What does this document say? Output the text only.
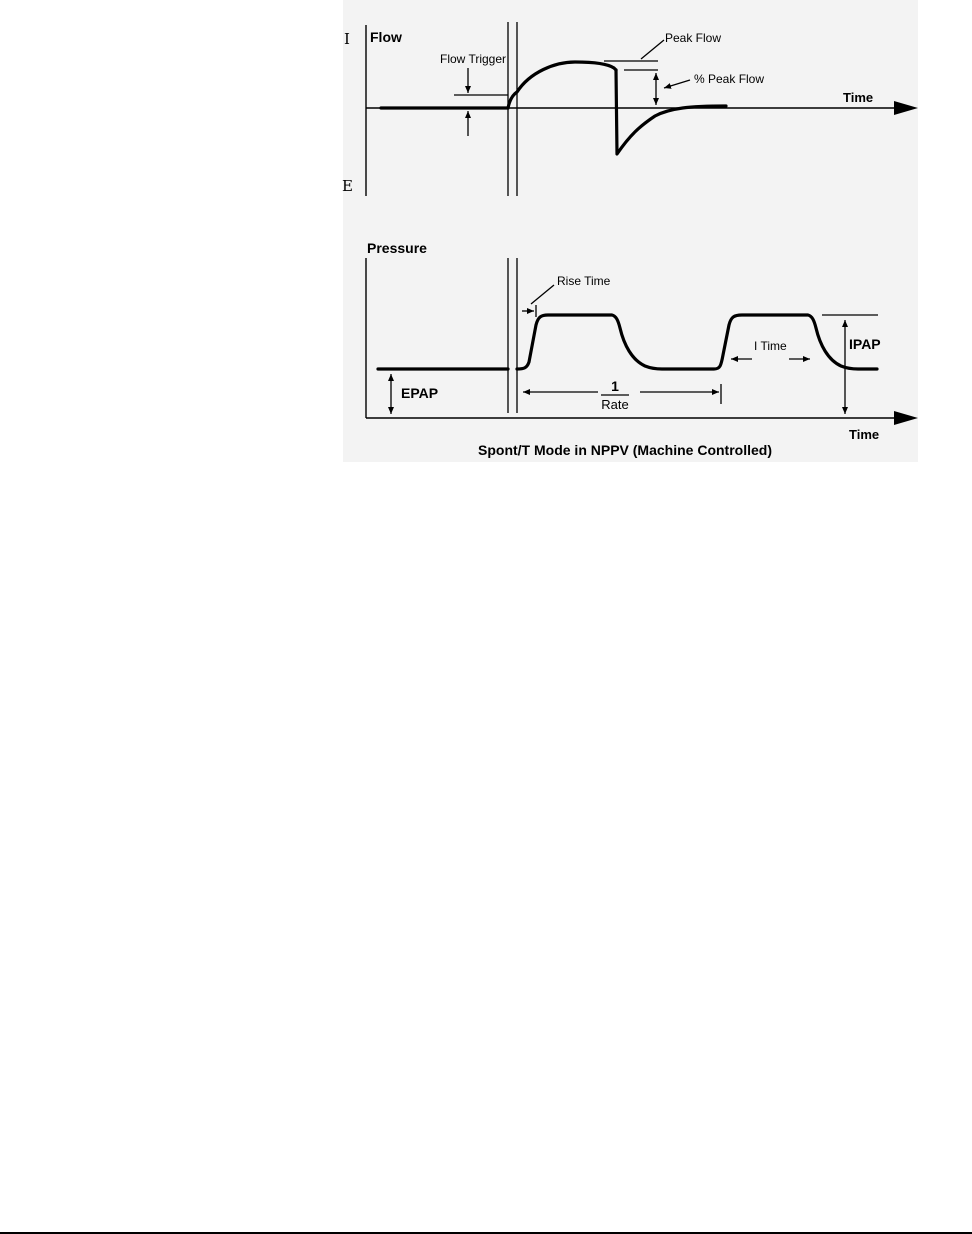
I
E
Flow
Flow Trigger
Peak Flow
% Peak Flow
Time
Pressure
Rise Time
I Time	IPAP
EPAP	1
Rate
Time
Spont/T Mode in NPPV (Machine Controlled)
